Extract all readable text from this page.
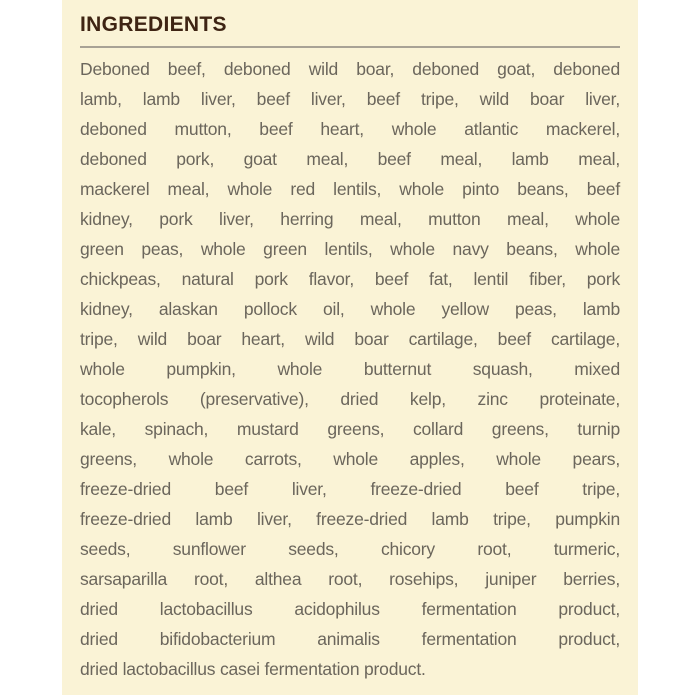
INGREDIENTS
Deboned beef, deboned wild boar, deboned goat, deboned
lamb, lamb liver, beef liver, beef tripe, wild boar liver,
deboned mutton, beef heart, whole atlantic mackerel,
deboned pork, goat meal, beef meal, lamb meal,
mackerel meal, whole red lentils, whole pinto beans, beef
kidney, pork liver, herring meal, mutton meal, whole
green peas, whole green lentils, whole navy beans, whole
chickpeas, natural pork flavor, beef fat, lentil fiber, pork
kidney, alaskan pollock oil, whole yellow peas, lamb
tripe, wild boar heart, wild boar cartilage, beef cartilage,
whole pumpkin, whole butternut squash, mixed
tocopherols (preservative), dried kelp, zinc proteinate,
kale, spinach, mustard greens, collard greens, turnip
greens, whole carrots, whole apples, whole pears,
freeze-dried beef liver, freeze-dried beef tripe,
freeze-dried lamb liver, freeze-dried lamb tripe, pumpkin
seeds, sunflower seeds, chicory root, turmeric,
sarsaparilla root, althea root, rosehips, juniper berries,
dried lactobacillus acidophilus fermentation product,
dried bifidobacterium animalis fermentation product,
dried lactobacillus casei fermentation product.
